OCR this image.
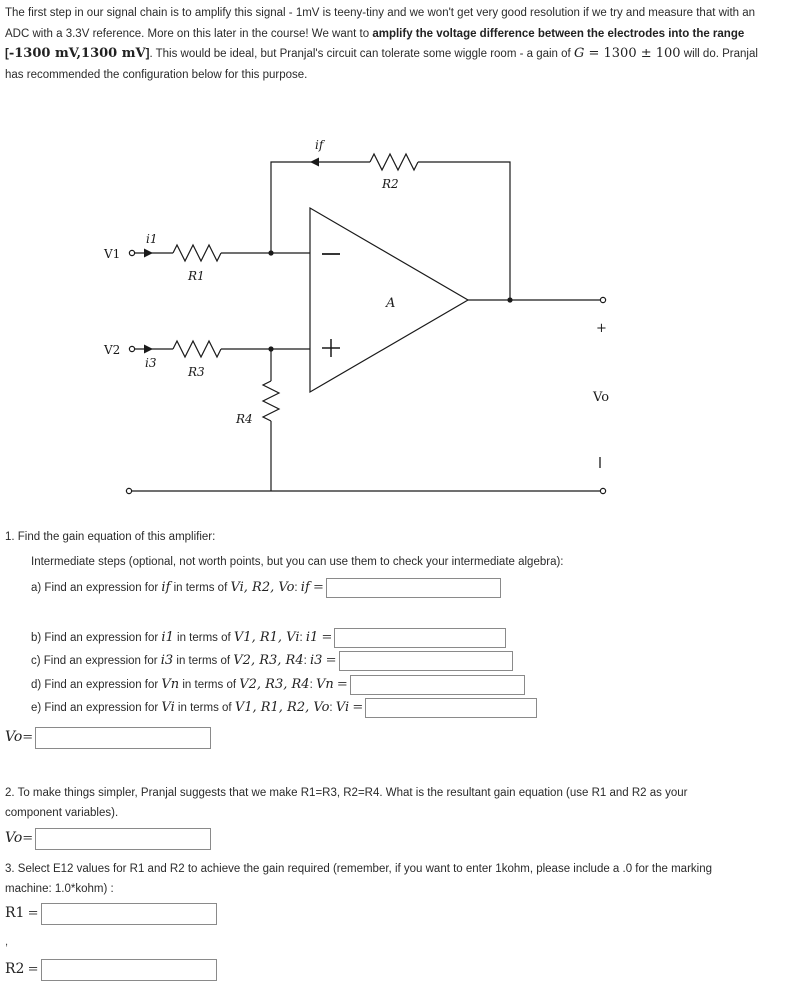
The first step in our signal chain is to amplify this signal - 1mV is teeny-tiny and we won't get very good resolution if we try and measure that with an ADC with a 3.3V reference. More on this later in the course! We want to amplify the voltage difference between the electrodes into the range [-1300 mV,1300 mV]. This would be ideal, but Pranjal's circuit can tolerate some wiggle room - a gain of G = 1300 ± 100 will do. Pranjal has recommended the configuration below for this purpose.
V1
V2
i1
i3
if
R2
R1
R3
R4
A
+
Vo
1. Find the gain equation of this amplifier:
Intermediate steps (optional, not worth points, but you can use them to check your intermediate algebra):
a) Find an expression for if in terms of Vi, R2, Vo: if =
b) Find an expression for i1 in terms of V1, R1, Vi: i1 =
c) Find an expression for i3 in terms of V2, R3, R4: i3 =
d) Find an expression for Vn in terms of V2, R3, R4: Vn =
e) Find an expression for Vi in terms of V1, R1, R2, Vo: Vi =
Vo=
2. To make things simpler, Pranjal suggests that we make R1=R3, R2=R4. What is the resultant gain equation (use R1 and R2 as your component variables).
Vo=
3. Select E12 values for R1 and R2 to achieve the gain required (remember, if you want to enter 1kohm, please include a .0 for the marking machine: 1.0*kohm) :
R1 =
,
R2 =
